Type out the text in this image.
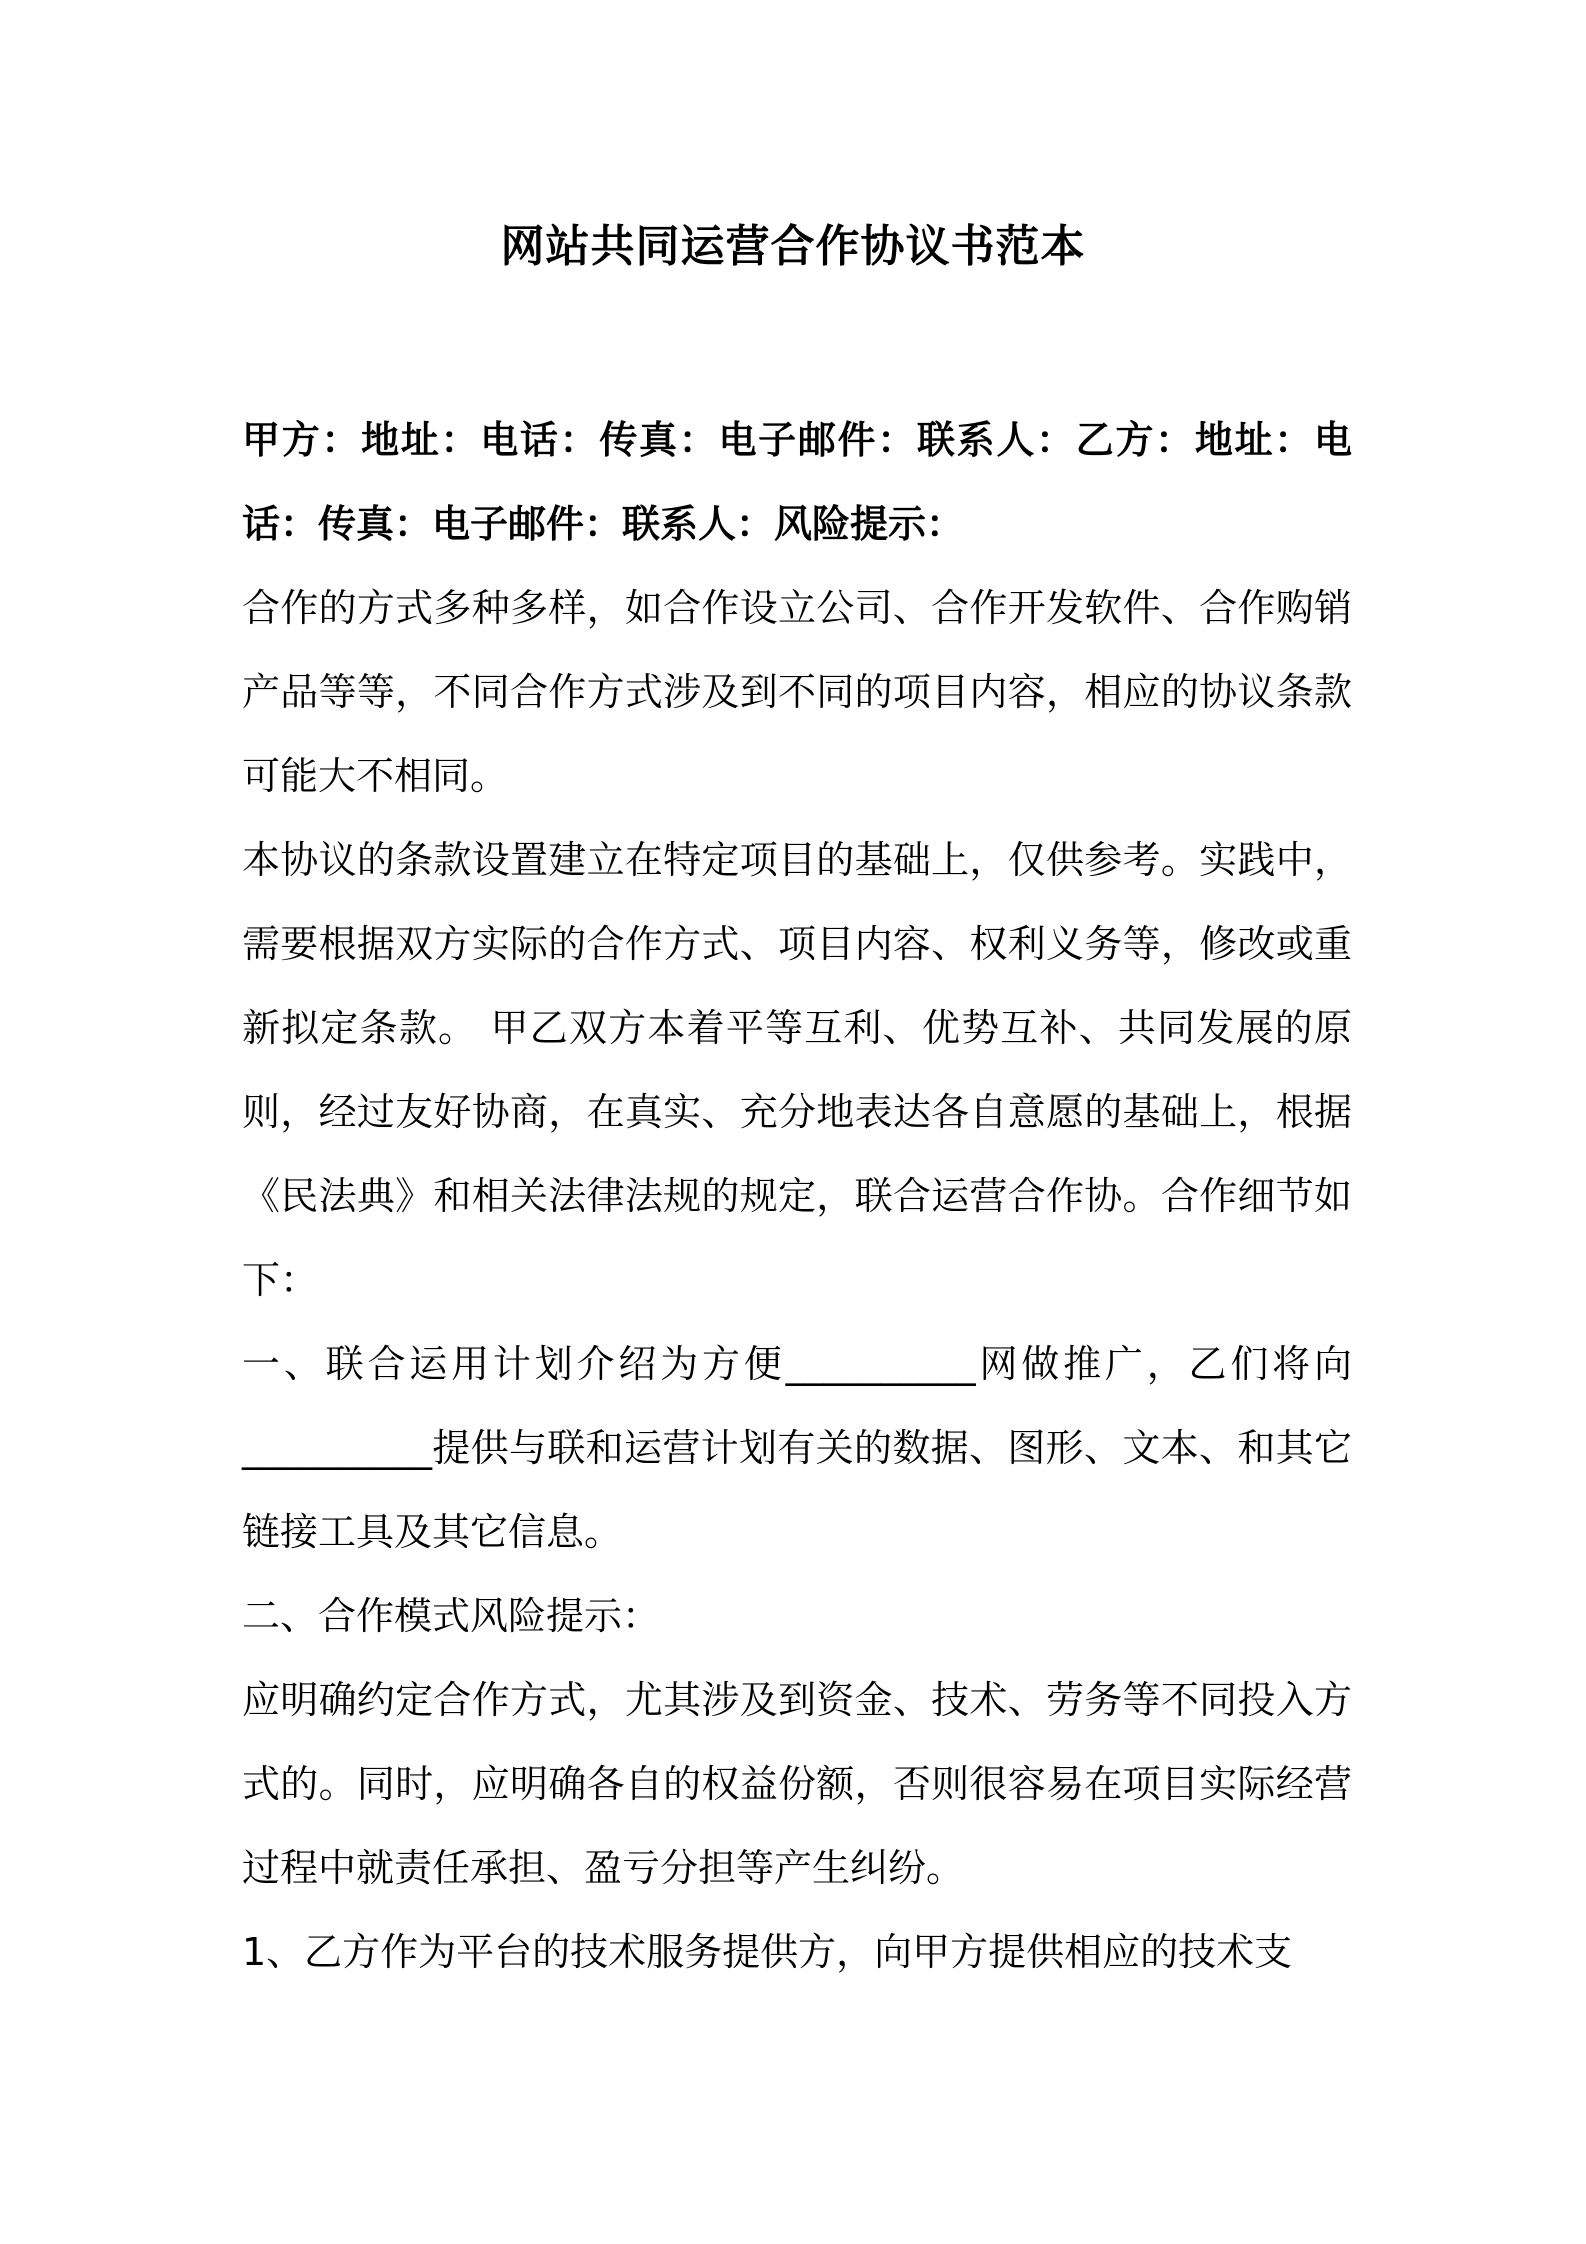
网站共同运营合作协议书范本

甲方：地址：电话：传真：电子邮件：联系人：乙方：地址：电话：传真：电子邮件：联系人：风险提示：

合作的方式多种多样，如合作设立公司、合作开发软件、合作购销产品等等，不同合作方式涉及到不同的项目内容，相应的协议条款可能大不相同。

本协议的条款设置建立在特定项目的基础上，仅供参考。实践中，需要根据双方实际的合作方式、项目内容、权利义务等，修改或重新拟定条款。 甲乙双方本着平等互利、优势互补、共同发展的原则，经过友好协商，在真实、充分地表达各自意愿的基础上，根据《民法典》和相关法律法规的规定，联合运营合作协。合作细节如下：

一、联合运用计划介绍为方便__________网做推广，乙们将向__________提供与联和运营计划有关的数据、图形、文本、和其它链接工具及其它信息。

二、合作模式风险提示：

应明确约定合作方式，尤其涉及到资金、技术、劳务等不同投入方式的。同时，应明确各自的权益份额，否则很容易在项目实际经营过程中就责任承担、盈亏分担等产生纠纷。

1、乙方作为平台的技术服务提供方，向甲方提供相应的技术支
